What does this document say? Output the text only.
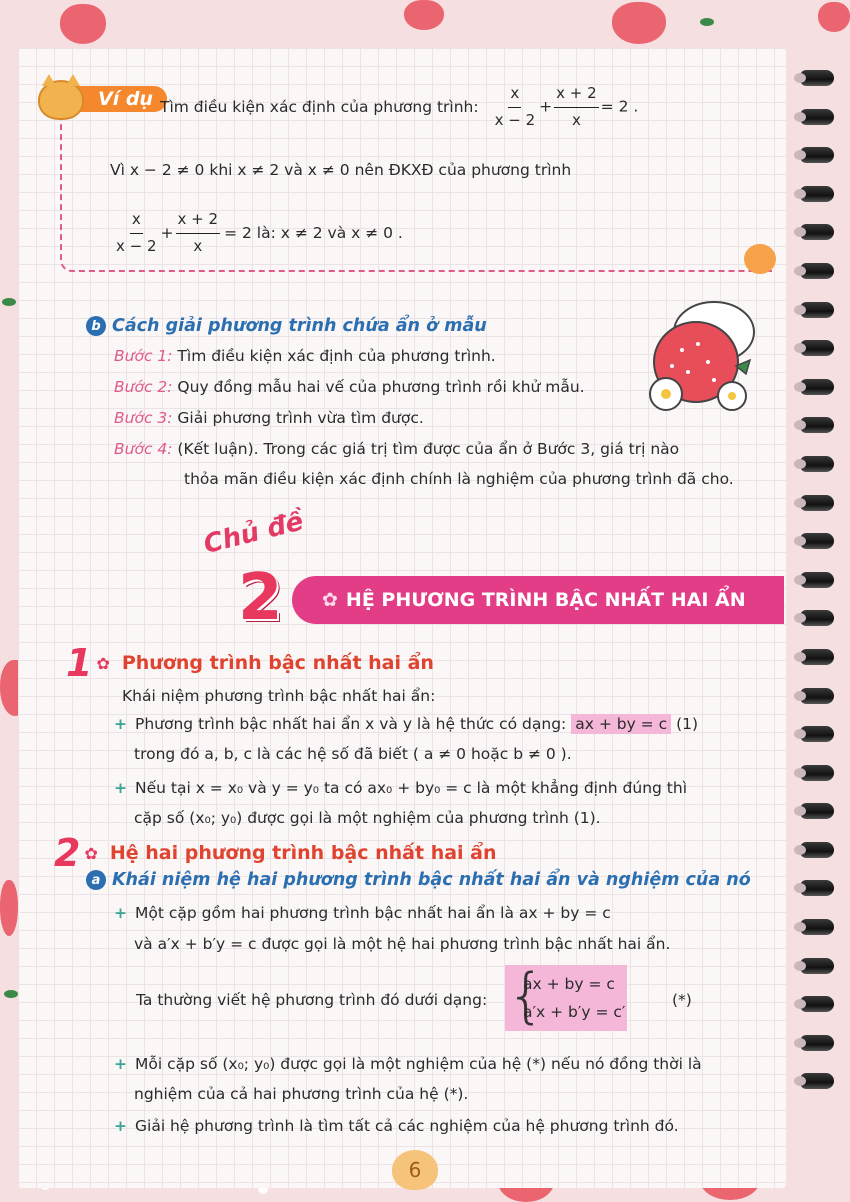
Ví dụ Tìm điều kiện xác định của phương trình: $\frac{x}{x - 2} + \frac{x + 2}{x} = 2$ .
Vì x − 2 ≠ 0 khi x ≠ 2 và x ≠ 0 nên ĐKXĐ của phương trình
$\frac{x}{x - 2} + \frac{x + 2}{x} = 2$ là: x ≠ 2 và x ≠ 0 .
b Cách giải phương trình chứa ẩn ở mẫu
Bước 1: Tìm điều kiện xác định của phương trình.
Bước 2: Quy đồng mẫu hai vế của phương trình rồi khử mẫu.
Bước 3: Giải phương trình vừa tìm được.
Bước 4: (Kết luận). Trong các giá trị tìm được của ẩn ở Bước 3, giá trị nào
thỏa mãn điều kiện xác định chính là nghiệm của phương trình đã cho.
Chủ đề
✿ HỆ PHƯƠNG TRÌNH BẬC NHẤT HAI ẨN
2
1 ✿ Phương trình bậc nhất hai ẩn
Khái niệm phương trình bậc nhất hai ẩn:
+ Phương trình bậc nhất hai ẩn x và y là hệ thức có dạng: ax + by = c (1)
trong đó a, b, c là các hệ số đã biết ( a ≠ 0 hoặc b ≠ 0 ).
+ Nếu tại x = x₀ và y = y₀ ta có ax₀ + by₀ = c là một khẳng định đúng thì
cặp số (x₀; y₀) được gọi là một nghiệm của phương trình (1).
2 ✿ Hệ hai phương trình bậc nhất hai ẩn
a Khái niệm hệ hai phương trình bậc nhất hai ẩn và nghiệm của nó
+ Một cặp gồm hai phương trình bậc nhất hai ẩn là ax + by = c
và a′x + b′y = c được gọi là một hệ hai phương trình bậc nhất hai ẩn.
Ta thường viết hệ phương trình đó dưới dạng: {
ax + by = c
a′x + b′y = c′
(*)
+ Mỗi cặp số (x₀; y₀) được gọi là một nghiệm của hệ (*) nếu nó đồng thời là
nghiệm của cả hai phương trình của hệ (*).
+ Giải hệ phương trình là tìm tất cả các nghiệm của hệ phương trình đó.
6
